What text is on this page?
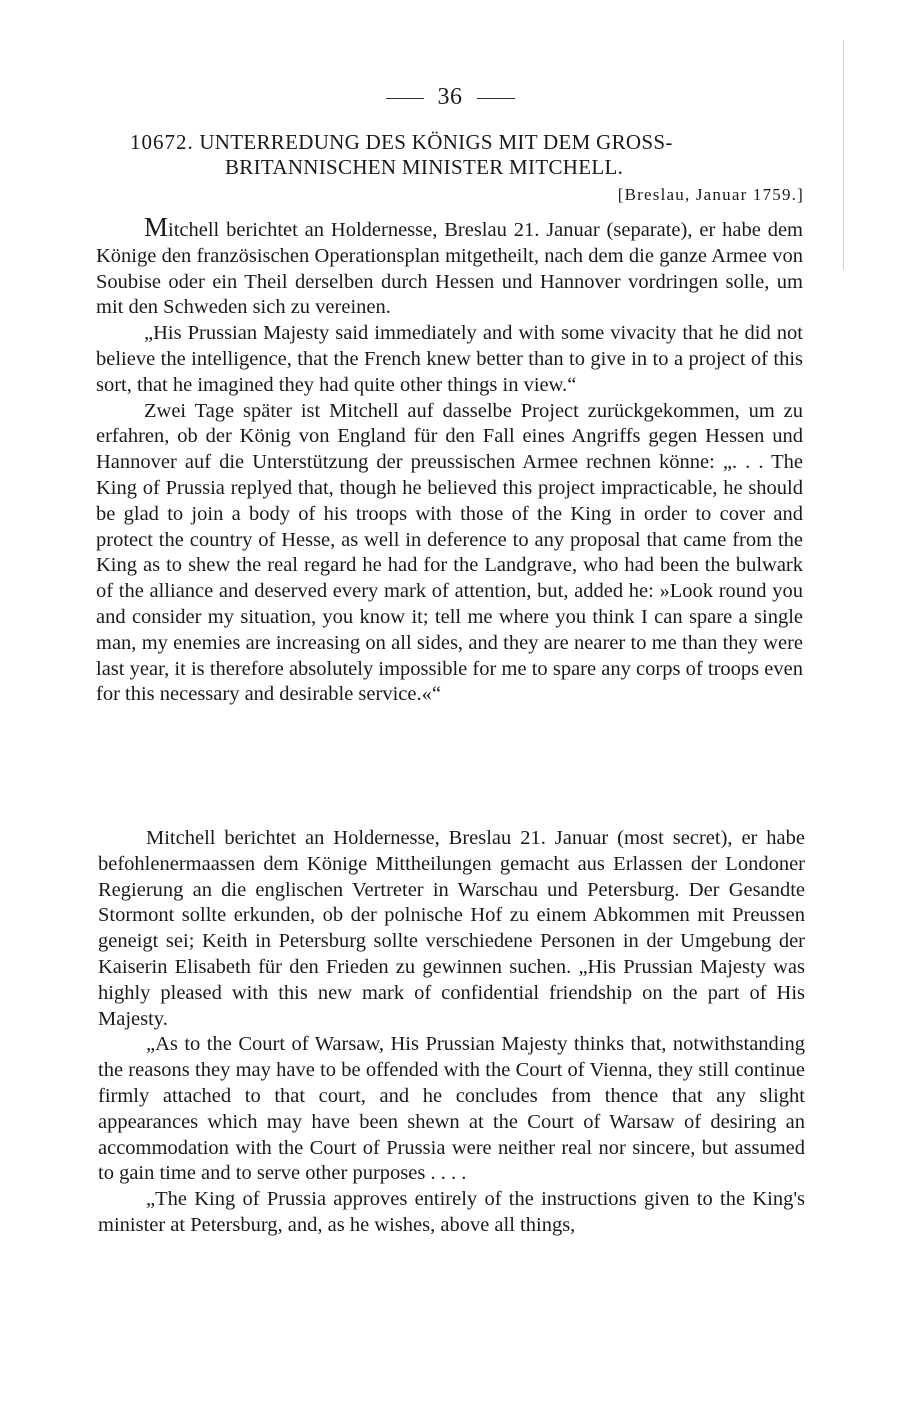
36
10672. UNTERREDUNG DES KÖNIGS MIT DEM GROSS-
BRITANNISCHEN MINISTER MITCHELL.
[Breslau, Januar 1759.]

Mitchell berichtet an Holdernesse, Breslau 21. Januar (separate), er habe dem Könige den französischen Operationsplan mitgetheilt, nach dem die ganze Armee von Soubise oder ein Theil derselben durch Hessen und Hannover vordringen solle, um mit den Schweden sich zu vereinen.

„His Prussian Majesty said immediately and with some vivacity that he did not believe the intelligence, that the French knew better than to give in to a project of this sort, that he imagined they had quite other things in view.“

Zwei Tage später ist Mitchell auf dasselbe Project zurückgekommen, um zu erfahren, ob der König von England für den Fall eines Angriffs gegen Hessen und Hannover auf die Unterstützung der preussischen Armee rechnen könne: „. . . The King of Prussia replyed that, though he believed this project impracticable, he should be glad to join a body of his troops with those of the King in order to cover and protect the country of Hesse, as well in deference to any proposal that came from the King as to shew the real regard he had for the Landgrave, who had been the bulwark of the alliance and deserved every mark of attention, but, added he: »Look round you and consider my situation, you know it; tell me where you think I can spare a single man, my enemies are increasing on all sides, and they are nearer to me than they were last year, it is therefore absolutely impossible for me to spare any corps of troops even for this necessary and desirable service.«“

Mitchell berichtet an Holdernesse, Breslau 21. Januar (most secret), er habe befohlenermaassen dem Könige Mittheilungen gemacht aus Erlassen der Londoner Regierung an die englischen Vertreter in Warschau und Petersburg. Der Gesandte Stormont sollte erkunden, ob der polnische Hof zu einem Abkommen mit Preussen geneigt sei; Keith in Petersburg sollte verschiedene Personen in der Umgebung der Kaiserin Elisabeth für den Frieden zu gewinnen suchen. „His Prussian Majesty was highly pleased with this new mark of confidential friendship on the part of His Majesty.

„As to the Court of Warsaw, His Prussian Majesty thinks that, notwithstanding the reasons they may have to be offended with the Court of Vienna, they still continue firmly attached to that court, and he concludes from thence that any slight appearances which may have been shewn at the Court of Warsaw of desiring an accommodation with the Court of Prussia were neither real nor sincere, but assumed to gain time and to serve other purposes . . . .

„The King of Prussia approves entirely of the instructions given to the King's minister at Petersburg, and, as he wishes, above all things,
